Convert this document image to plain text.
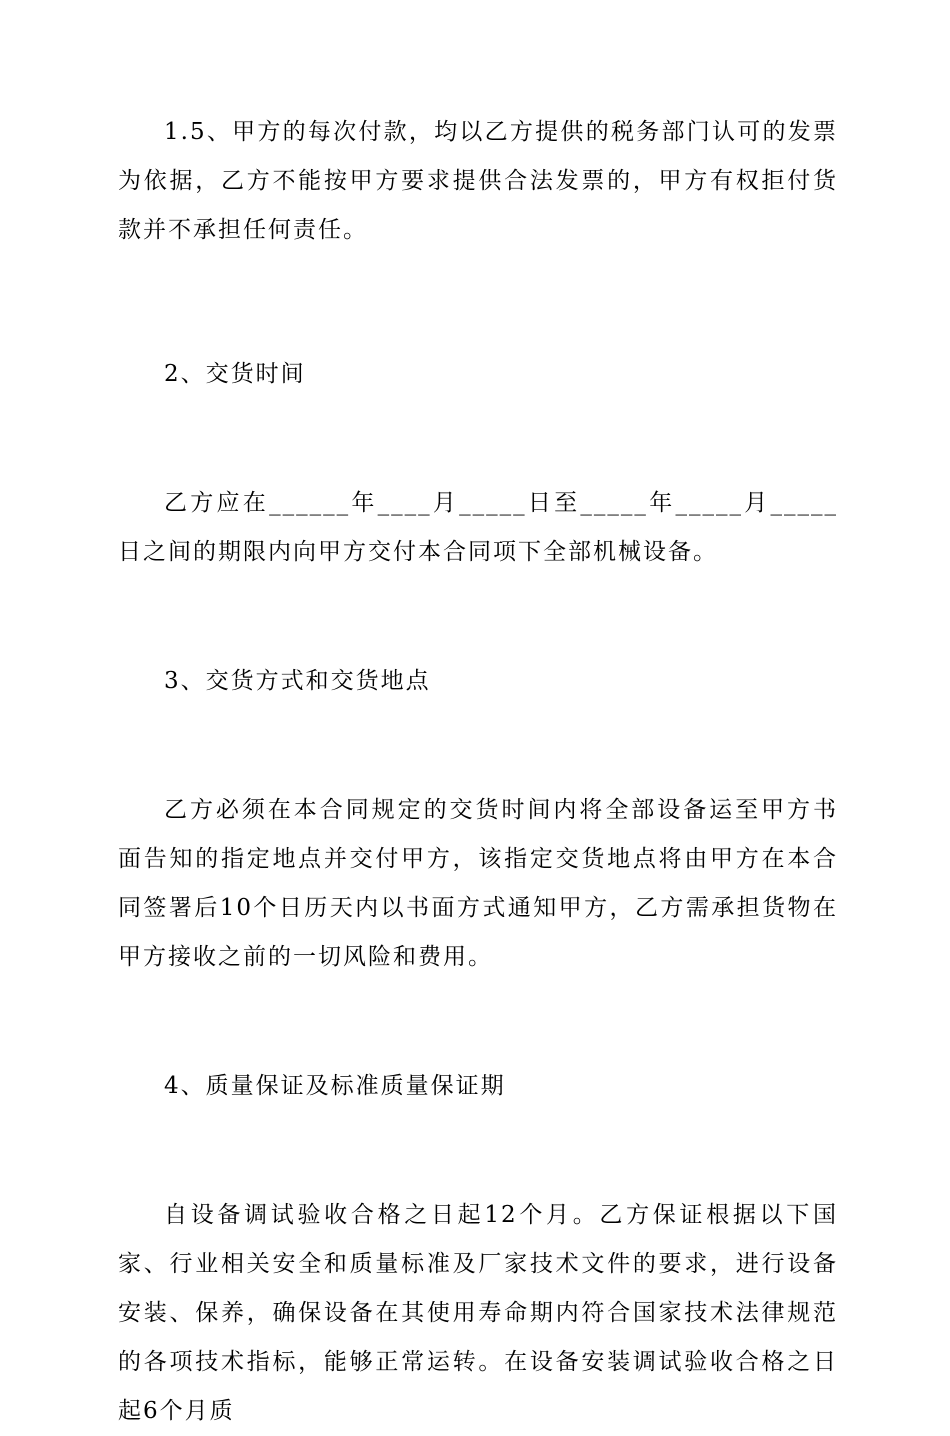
1.5、甲方的每次付款，均以乙方提供的税务部门认可的发票为依据，乙方不能按甲方要求提供合法发票的，甲方有权拒付货款并不承担任何责任。

2、交货时间

乙方应在______年____月_____日至_____年_____月_____日之间的期限内向甲方交付本合同项下全部机械设备。

3、交货方式和交货地点

乙方必须在本合同规定的交货时间内将全部设备运至甲方书面告知的指定地点并交付甲方，该指定交货地点将由甲方在本合同签署后10个日历天内以书面方式通知甲方，乙方需承担货物在甲方接收之前的一切风险和费用。

4、质量保证及标准质量保证期

自设备调试验收合格之日起12个月。乙方保证根据以下国家、行业相关安全和质量标准及厂家技术文件的要求，进行设备安装、保养，确保设备在其使用寿命期内符合国家技术法律规范的各项技术指标，能够正常运转。在设备安装调试验收合格之日起6个月质
